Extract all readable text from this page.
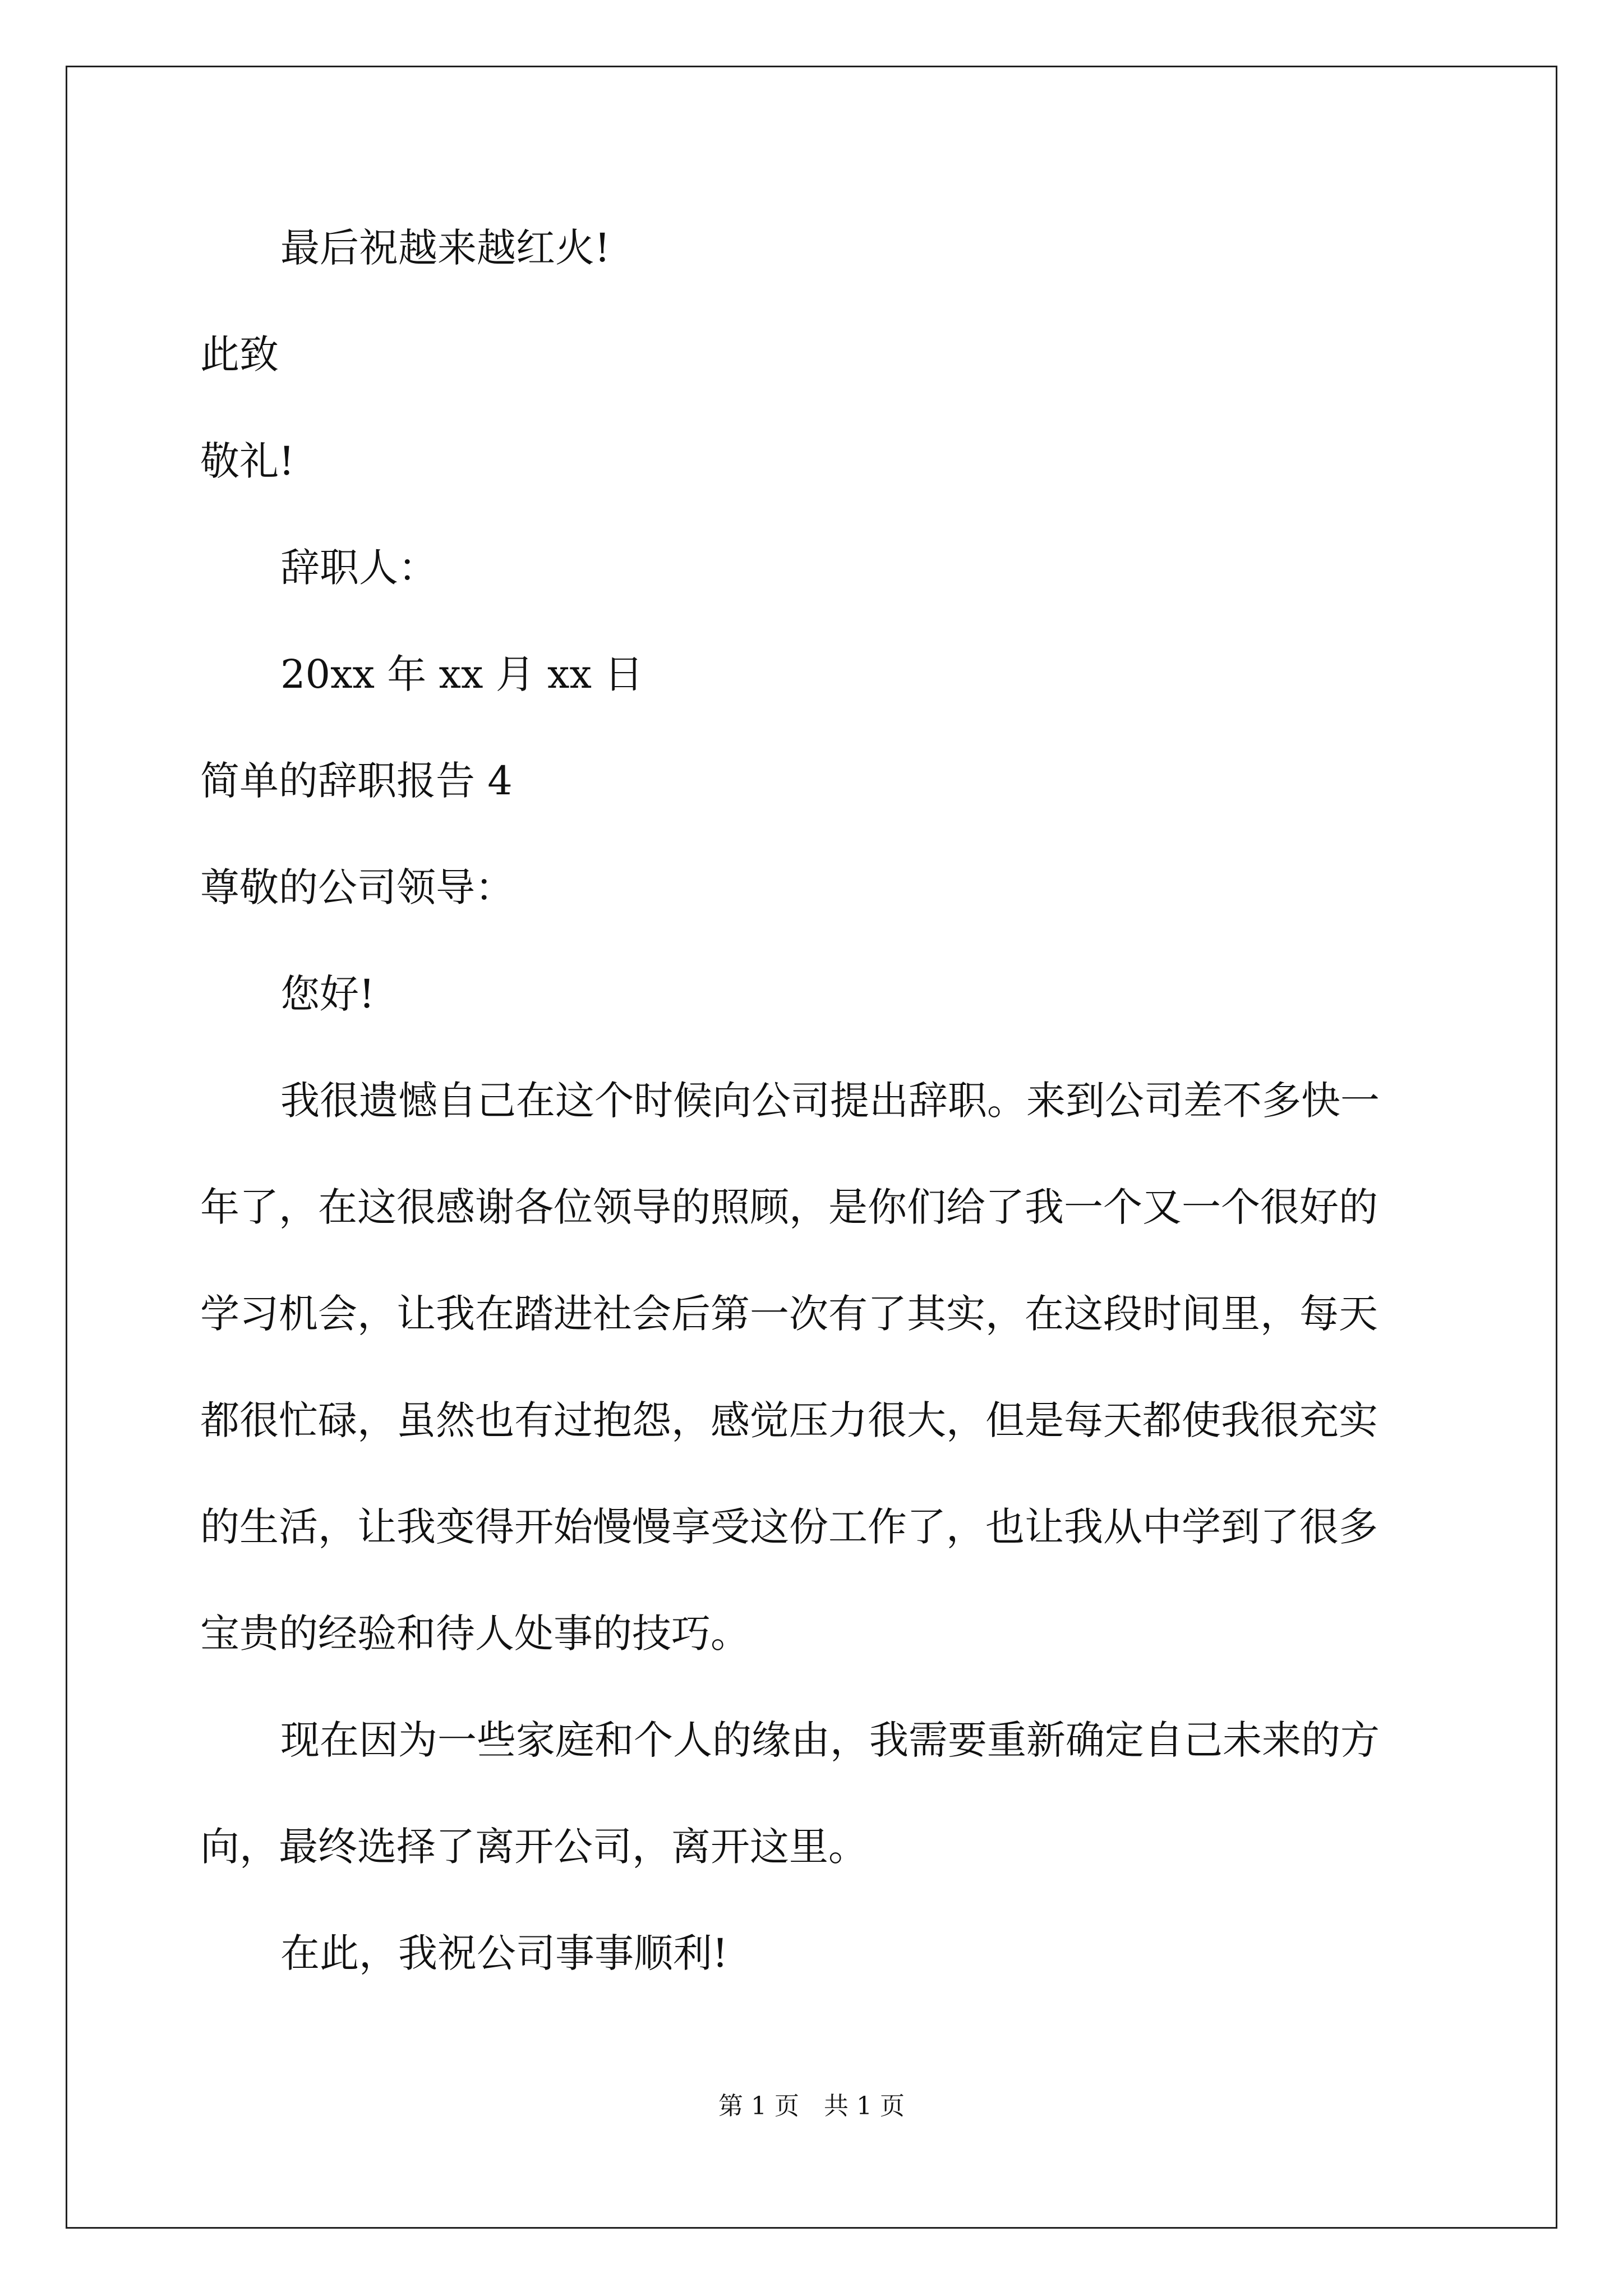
最后祝越来越红火!

此致

敬礼!

辞职人：

20xx 年 xx 月 xx 日

简单的辞职报告 4

尊敬的公司领导：

您好!

我很遗憾自己在这个时候向公司提出辞职。来到公司差不多快一

年了，在这很感谢各位领导的照顾，是你们给了我一个又一个很好的

学习机会，让我在踏进社会后第一次有了其实，在这段时间里，每天

都很忙碌，虽然也有过抱怨，感觉压力很大，但是每天都使我很充实

的生活，让我变得开始慢慢享受这份工作了，也让我从中学到了很多

宝贵的经验和待人处事的技巧。

现在因为一些家庭和个人的缘由，我需要重新确定自己未来的方

向，最终选择了离开公司，离开这里。

在此，我祝公司事事顺利!

第 1 页　共 1 页
